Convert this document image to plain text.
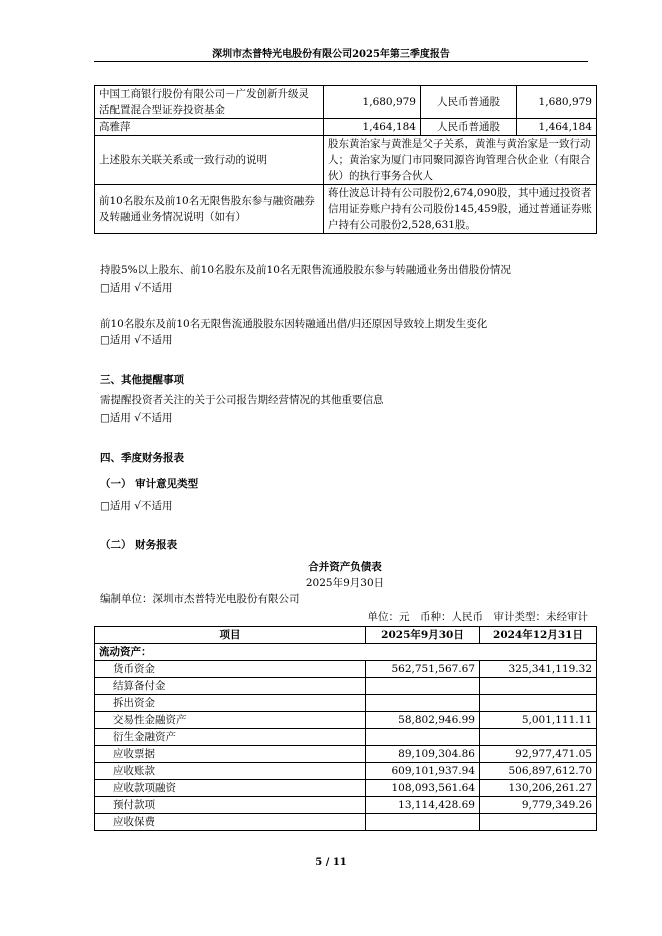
深圳市杰普特光电股份有限公司2025年第三季度报告
中国工商银行股份有限公司－广发创新升级灵活配置混合型证券投资基金	1,680,979	人民币普通股	1,680,979
高雅萍	1,464,184	人民币普通股	1,464,184
上述股东关联关系或一致行动的说明	股东黄治家与黄淮是父子关系，黄淮与黄治家是一致行动人；黄治家为厦门市同聚同源咨询管理合伙企业（有限合伙）的执行事务合伙人		
前10名股东及前10名无限售股东参与融资融券及转融通业务情况说明（如有）	蒋仕波总计持有公司股份2,674,090股，其中通过投资者信用证券账户持有公司股份145,459股，通过普通证券账户持有公司股份2,528,631股。		
持股5%以上股东、前10名股东及前10名无限售流通股股东参与转融通业务出借股份情况
□适用 √不适用
前10名股东及前10名无限售流通股股东因转融通出借/归还原因导致较上期发生变化
□适用 √不适用
三、其他提醒事项
需提醒投资者关注的关于公司报告期经营情况的其他重要信息
□适用 √不适用
四、季度财务报表
（一） 审计意见类型
□适用 √不适用
（二） 财务报表
合并资产负债表
2025年9月30日
编制单位：深圳市杰普特光电股份有限公司
单位：元　币种：人民币　审计类型：未经审计
项目	2025年9月30日	2024年12月31日
流动资产：		
货币资金	562,751,567.67	325,341,119.32
结算备付金		
拆出资金		
交易性金融资产	58,802,946.99	5,001,111.11
衍生金融资产		
应收票据	89,109,304.86	92,977,471.05
应收账款	609,101,937.94	506,897,612.70
应收款项融资	108,093,561.64	130,206,261.27
预付款项	13,114,428.69	9,779,349.26
应收保费		
5 / 11
